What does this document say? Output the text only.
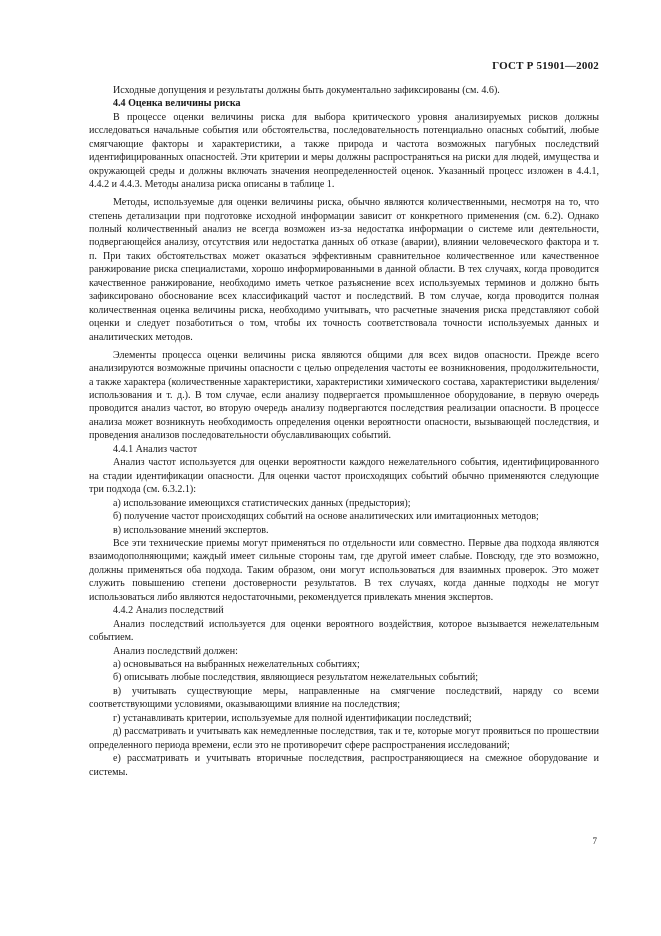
ГОСТ Р 51901—2002

Исходные допущения и результаты должны быть документально зафиксированы (см. 4.6).

4.4 Оценка величины риска

В процессе оценки величины риска для выбора критического уровня анализируемых рисков должны исследоваться начальные события или обстоятельства, последовательность потенциально опасных событий, любые смягчающие факторы и характеристики, а также природа и частота возможных пагубных последствий идентифицированных опасностей. Эти критерии и меры должны распространяться на риски для людей, имущества и окружающей среды и должны включать значения неопределенностей оценок. Указанный процесс изложен в 4.4.1, 4.4.2 и 4.4.3. Методы анализа риска описаны в таблице 1.

Методы, используемые для оценки величины риска, обычно являются количественными, несмотря на то, что степень детализации при подготовке исходной информации зависит от конкретного применения (см. 6.2). Однако полный количественный анализ не всегда возможен из-за недостатка информации о системе или деятельности, подвергающейся анализу, отсутствия или недостатка данных об отказе (аварии), влиянии человеческого фактора и т. п. При таких обстоятельствах может оказаться эффективным сравнительное количественное или качественное ранжирование риска специалистами, хорошо информированными в данной области. В тех случаях, когда проводится качественное ранжирование, необходимо иметь четкое разъяснение всех используемых терминов и должно быть зафиксировано обоснование всех классификаций частот и последствий. В том случае, когда проводится полная количественная оценка величины риска, необходимо учитывать, что расчетные значения риска представляют собой оценки и следует позаботиться о том, чтобы их точность соответствовала точности используемых данных и аналитических методов.

Элементы процесса оценки величины риска являются общими для всех видов опасности. Прежде всего анализируются возможные причины опасности с целью определения частоты ее возникновения, продолжительности, а также характера (количественные характеристики, характеристики химического состава, характеристики выделения/использования и т. д.). В том случае, если анализу подвергается промышленное оборудование, в первую очередь проводится анализ частот, во вторую очередь анализу подвергаются последствия реализации опасности. В процессе анализа может возникнуть необходимость определения оценки вероятности опасности, вызывающей последствия, и проведения анализов последовательности обуславливающих событий.

4.4.1 Анализ частот

Анализ частот используется для оценки вероятности каждого нежелательного события, идентифицированного на стадии идентификации опасности. Для оценки частот происходящих событий обычно применяются следующие три подхода (см. 6.3.2.1):

а) использование имеющихся статистических данных (предыстория);

б) получение частот происходящих событий на основе аналитических или имитационных методов;

в) использование мнений экспертов.

Все эти технические приемы могут применяться по отдельности или совместно. Первые два подхода являются взаимодополняющими; каждый имеет сильные стороны там, где другой имеет слабые. Повсюду, где это возможно, должны применяться оба подхода. Таким образом, они могут использоваться для взаимных проверок. Это может служить повышению степени достоверности результатов. В тех случаях, когда данные подходы не могут использоваться либо являются недостаточными, рекомендуется привлекать мнения экспертов.

4.4.2 Анализ последствий

Анализ последствий используется для оценки вероятного воздействия, которое вызывается нежелательным событием.

Анализ последствий должен:

а) основываться на выбранных нежелательных событиях;

б) описывать любые последствия, являющиеся результатом нежелательных событий;

в) учитывать существующие меры, направленные на смягчение последствий, наряду со всеми соответствующими условиями, оказывающими влияние на последствия;

г) устанавливать критерии, используемые для полной идентификации последствий;

д) рассматривать и учитывать как немедленные последствия, так и те, которые могут проявиться по прошествии определенного периода времени, если это не противоречит сфере распространения исследований;

е) рассматривать и учитывать вторичные последствия, распространяющиеся на смежное оборудование и системы.

7
